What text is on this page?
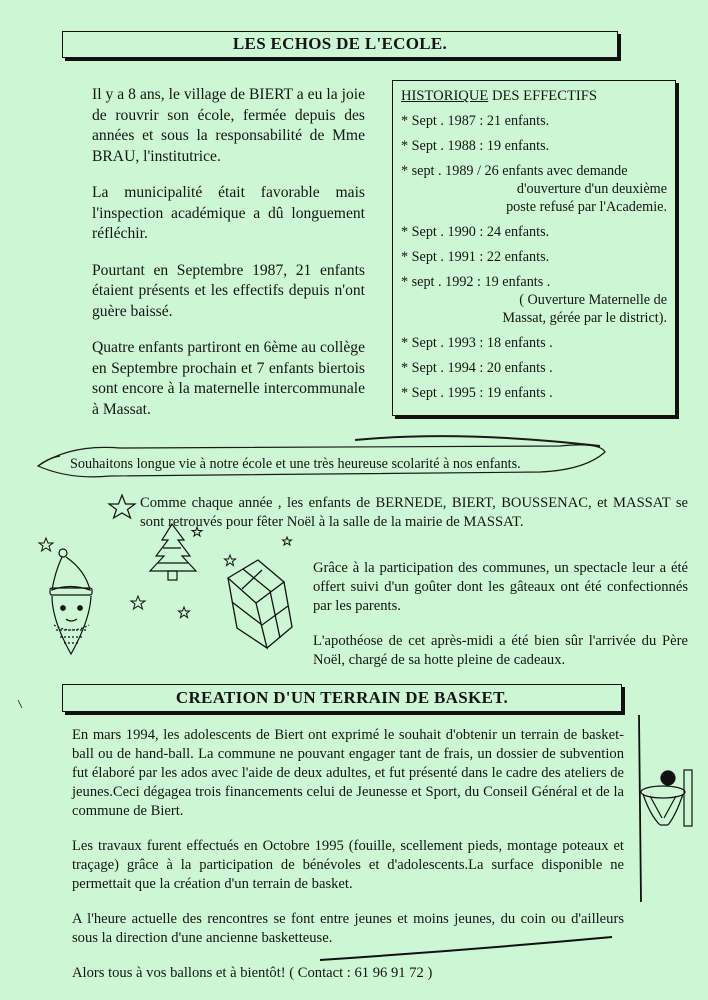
LES ECHOS DE L'ECOLE.

Il y a 8 ans, le village de BIERT a eu la joie de rouvrir son école, fermée depuis des années et sous la responsabilité de Mme BRAU, l'institutrice.

La municipalité était favorable mais l'inspection académique a dû longuement réfléchir.

Pourtant en Septembre 1987, 21 enfants étaient présents et les effectifs depuis n'ont guère baissé.

Quatre enfants partiront en 6ème au collège en Septembre prochain et 7 enfants biertois sont encore à la maternelle intercommunale à Massat.

HISTORIQUE DES EFFECTIFS
* Sept . 1987 : 21 enfants.
* Sept . 1988 : 19 enfants.
* sept . 1989 / 26 enfants avec demande
d'ouverture d'un deuxième
poste refusé par l'Academie.
* Sept . 1990 : 24 enfants.
* Sept . 1991 : 22 enfants.
* sept . 1992 : 19 enfants .
( Ouverture Maternelle de
Massat, gérée par le district).
* Sept . 1993 : 18 enfants .
* Sept . 1994 : 20 enfants .
* Sept . 1995 : 19 enfants .
Souhaitons longue vie à notre école et une très heureuse scolarité à nos enfants.

Comme chaque année , les enfants de BERNEDE, BIERT, BOUSSENAC, et MASSAT se sont retrouvés pour fêter Noël à la salle de la mairie de MASSAT.

Grâce à la participation des communes, un spectacle leur a été offert suivi d'un goûter dont les gâteaux ont été confectionnés par les parents.

L'apothéose de cet après-midi a été bien sûr l'arrivée du Père Noël, chargé de sa hotte pleine de cadeaux.

CREATION D'UN TERRAIN DE BASKET.

En mars 1994, les adolescents de Biert ont exprimé le souhait d'obtenir un terrain de basket-ball ou de hand-ball. La commune ne pouvant engager tant de frais, un dossier de subvention fut élaboré par les ados avec l'aide de deux adultes, et fut présenté dans le cadre des ateliers de jeunes.Ceci dégagea trois financements celui de Jeunesse et Sport, du Conseil Général et de la commune de Biert.

Les travaux furent effectués en Octobre 1995 (fouille, scellement pieds, montage poteaux et traçage) grâce à la participation de bénévoles et d'adolescents.La surface disponible ne permettait que la création d'un terrain de basket.

A l'heure actuelle des rencontres se font entre jeunes et moins jeunes, du coin ou d'ailleurs sous la direction d'une ancienne basketteuse.

Alors tous à vos ballons et à bientôt! ( Contact : 61 96 91 72 )
